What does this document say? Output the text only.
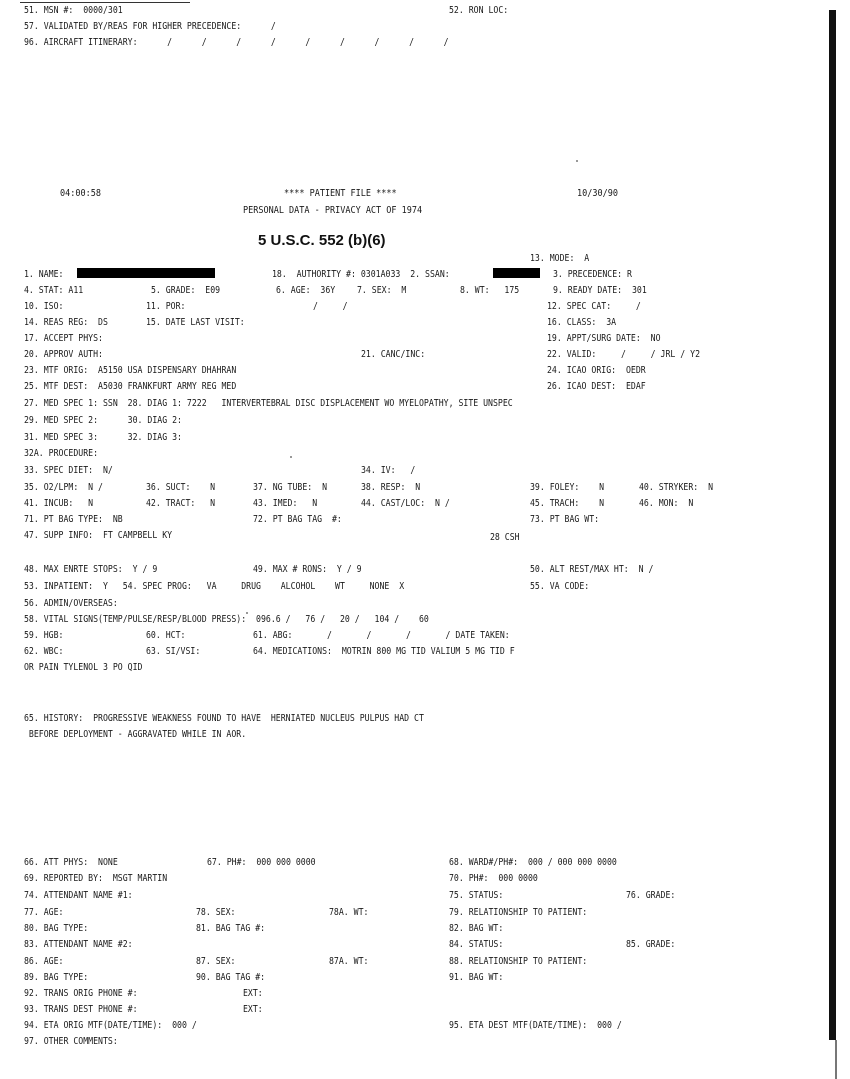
51. MSN #:  0000/301	52. RON LOC:
57. VALIDATED BY/REAS FOR HIGHER PRECEDENCE:      /
96. AIRCRAFT ITINERARY:      /      /      /      /      /      /      /      /      /
04:00:58	**** PATIENT FILE ****	10/30/90
PERSONAL DATA - PRIVACY ACT OF 1974
5 U.S.C. 552 (b)(6)
13. MODE:  A
1. NAME:	18.  AUTHORITY #: 0301A033  2. SSAN:	3. PRECEDENCE: R
4. STAT: A11	5. GRADE:  E09	6. AGE:  36Y 7. SEX:  M	8. WT:   175	9. READY DATE:  301
10. ISO:	11. POR:	/     /	12. SPEC CAT:     /
14. REAS REG:  DS	15. DATE LAST VISIT:	16. CLASS:  3A
17. ACCEPT PHYS:	19. APPT/SURG DATE:  NO
20. APPROV AUTH:	21. CANC/INC:	22. VALID:     /     / JRL / Y2
23. MTF ORIG:  A5150 USA DISPENSARY DHAHRAN	24. ICAO ORIG:  OEDR
25. MTF DEST:  A5030 FRANKFURT ARMY REG MED	26. ICAO DEST:  EDAF
27. MED SPEC 1: SSN  28. DIAG 1: 7222   INTERVERTEBRAL DISC DISPLACEMENT WO MYELOPATHY, SITE UNSPEC
29. MED SPEC 2:      30. DIAG 2:
31. MED SPEC 3:      32. DIAG 3:
32A. PROCEDURE:
33. SPEC DIET:  N/	34. IV:   /
35. O2/LPM:  N /	36. SUCT:    N	37. NG TUBE:  N	38. RESP:  N	39. FOLEY:    N	40. STRYKER:  N
41. INCUB:   N	42. TRACT:   N	43. IMED:   N	44. CAST/LOC:  N /	45. TRACH:    N	46. MON:  N
71. PT BAG TYPE:  NB	72. PT BAG TAG  #:	73. PT BAG WT:
47. SUPP INFO:  FT CAMPBELL KY	28 CSH
48. MAX ENRTE STOPS:  Y / 9	49. MAX # RONS:  Y / 9	50. ALT REST/MAX HT:  N /
53. INPATIENT:  Y   54. SPEC PROG:   VA     DRUG    ALCOHOL    WT     NONE  X	55. VA CODE:
56. ADMIN/OVERSEAS:
58. VITAL SIGNS(TEMP/PULSE/RESP/BLOOD PRESS):  096.6 /   76 /   20 /   104 /    60
59. HGB:	60. HCT:	61. ABG:       /       /       /       / DATE TAKEN:
62. WBC:	63. SI/VSI:	64. MEDICATIONS:  MOTRIN 800 MG TID VALIUM 5 MG TID F
OR PAIN TYLENOL 3 PO QID
65. HISTORY:  PROGRESSIVE WEAKNESS FOUND TO HAVE  HERNIATED NUCLEUS PULPUS HAD CT
BEFORE DEPLOYMENT - AGGRAVATED WHILE IN AOR.
66. ATT PHYS:  NONE	67. PH#:  000 000 0000	68. WARD#/PH#:  000 / 000 000 0000
69. REPORTED BY:  MSGT MARTIN	70. PH#:  000 0000
74. ATTENDANT NAME #1:	75. STATUS:	76. GRADE:
77. AGE:	78. SEX:	78A. WT:	79. RELATIONSHIP TO PATIENT:
80. BAG TYPE:	81. BAG TAG #:	82. BAG WT:
83. ATTENDANT NAME #2:	84. STATUS:	85. GRADE:
86. AGE:	87. SEX:	87A. WT:	88. RELATIONSHIP TO PATIENT:
89. BAG TYPE:	90. BAG TAG #:	91. BAG WT:
92. TRANS ORIG PHONE #:	EXT:
93. TRANS DEST PHONE #:	EXT:
94. ETA ORIG MTF(DATE/TIME):  000 /	95. ETA DEST MTF(DATE/TIME):  000 /
97. OTHER COMMENTS:
